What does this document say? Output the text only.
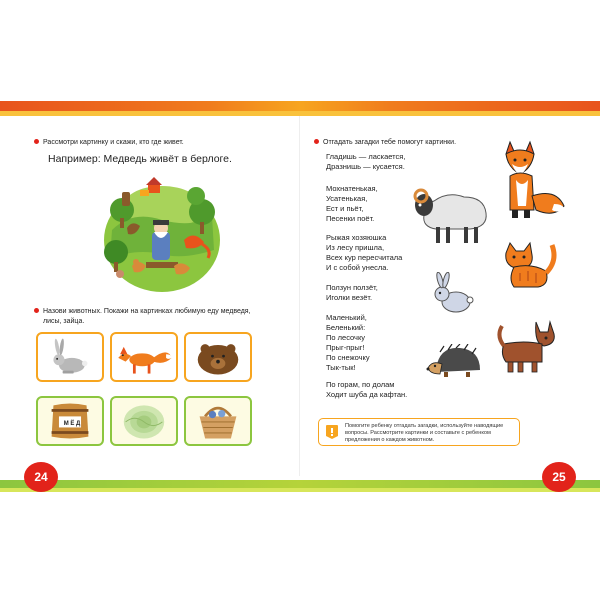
Рассмотри картинку и скажи, кто где живет.
Например: Медведь живёт в берлоге.
Назови животных. Покажи на картинках любимую еду медведя,
лисы, зайца.
М Ё Д
24
Отгадать загадки тебе помогут картинки.
Гладишь — ласкается,
Дразнишь — кусается.
Мохнатенькая,
Усатенькая,
Ест и пьёт,
Песенки поёт.
Рыжая хозяюшка
Из лесу пришла,
Всех кур пересчитала
И с собой унесла.
Ползун ползёт,
Иголки везёт.
Маленький,
Беленький:
По лесочку
Прыг-прыг!
По снежочку
Тык-тык!
По горам, по долам
Ходит шуба да кафтан.
Помогите ребенку отгадать загадки, используйте наводящие вопросы. Рассмотрите картинки и составьте с ребенком предложения о каждом животном.
25
